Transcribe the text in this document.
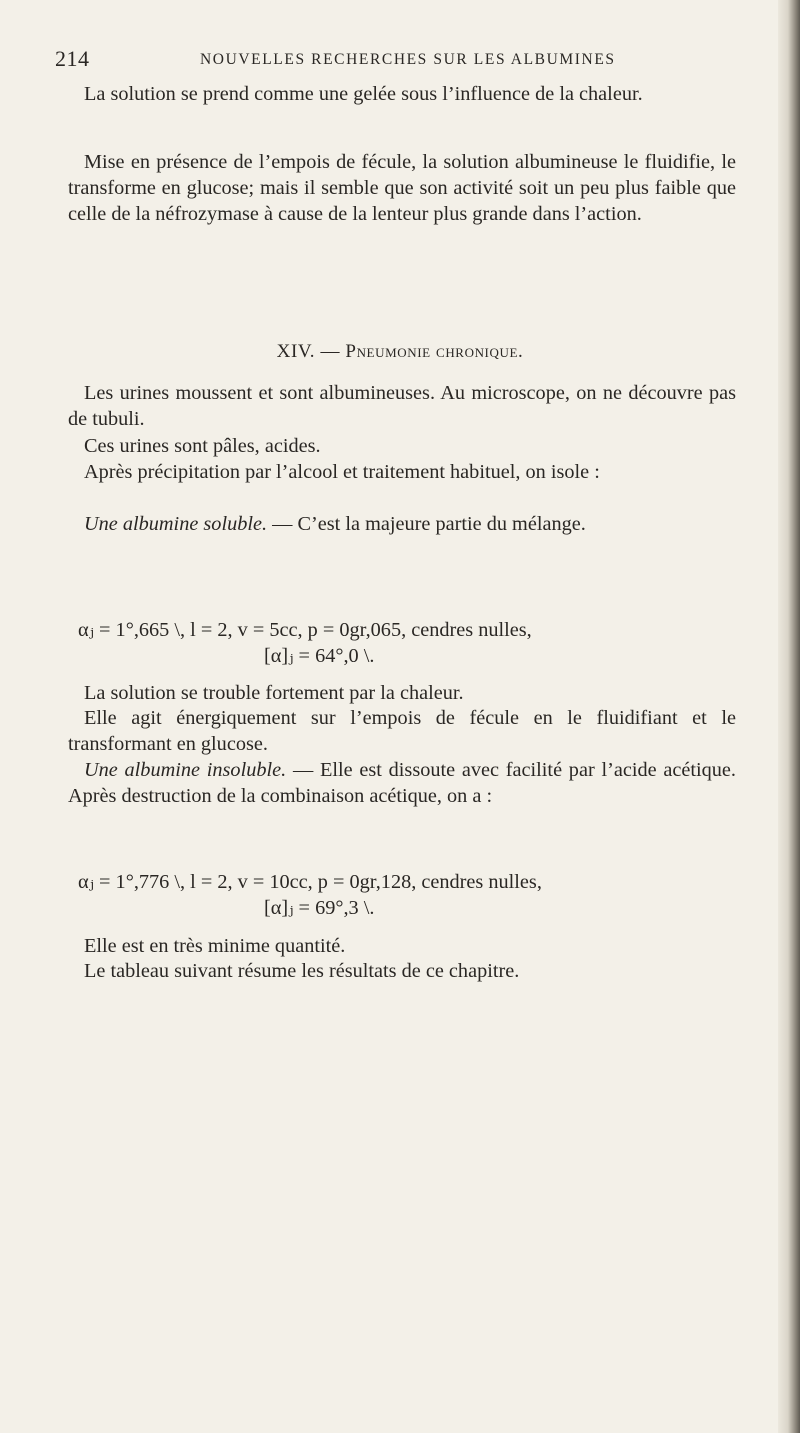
214	NOUVELLES RECHERCHES SUR LES ALBUMINES

La solution se prend comme une gelée sous l’influence de la chaleur.

Mise en présence de l’empois de fécule, la solution albumineuse le fluidifie, le transforme en glucose; mais il semble que son activité soit un peu plus faible que celle de la néfrozymase à cause de la lenteur plus grande dans l’action.

XIV. — Pneumonie chronique.

Les urines moussent et sont albumineuses. Au microscope, on ne découvre pas de tubuli.

Ces urines sont pâles, acides.

Après précipitation par l’alcool et traitement habituel, on isole :

Une albumine soluble. — C’est la majeure partie du mélange.

αⱼ = 1°,665 \, l = 2, v = 5cc, p = 0gr,065, cendres nulles,
[α]ⱼ = 64°,0 \.

La solution se trouble fortement par la chaleur.

Elle agit énergiquement sur l’empois de fécule en le fluidifiant et le transformant en glucose.

Une albumine insoluble. — Elle est dissoute avec facilité par l’acide acétique. Après destruction de la combinaison acétique, on a :

αⱼ = 1°,776 \, l = 2, v = 10cc, p = 0gr,128, cendres nulles,
[α]ⱼ = 69°,3 \.

Elle est en très minime quantité.

Le tableau suivant résume les résultats de ce chapitre.
